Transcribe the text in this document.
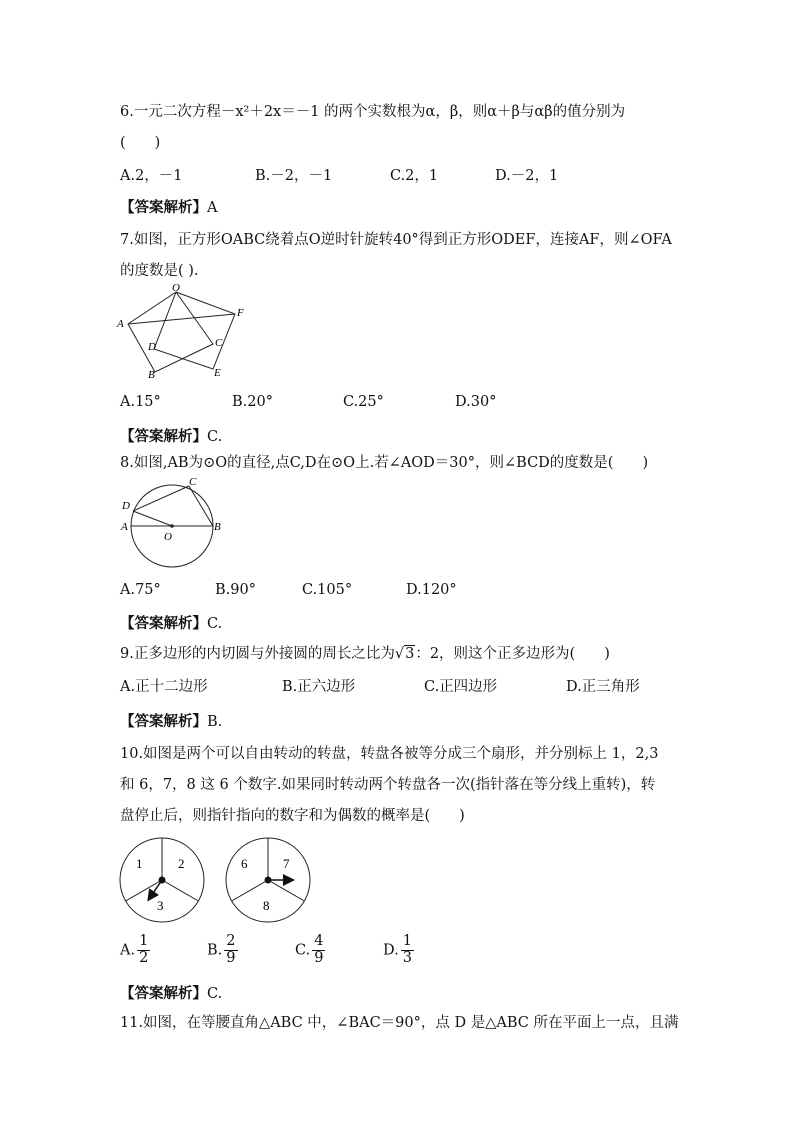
6.一元二次方程－x²＋2x＝－1 的两个实数根为α，β，则α＋β与αβ的值分别为
(　　)
A.2，－1	B.－2，－1	C.2，1	D.－2，1
【答案解析】A
7.如图，正方形OABC绕着点O逆时针旋转40°得到正方形ODEF，连接AF，则∠OFA
的度数是( ).
O
A
F
D	C
B	E
A.15°	B.20°	C.25°	D.30°
【答案解析】C.
8.如图,AB为⊙O的直径,点C,D在⊙O上.若∠AOD＝30°，则∠BCD的度数是(　　)
A	B
C
D
O
A.75°	B.90°	C.105°	D.120°
【答案解析】C.
9.正多边形的内切圆与外接圆的周长之比为√3：2，则这个正多边形为(　　)
A.正十二边形	B.正六边形	C.正四边形	D.正三角形
【答案解析】B.
10.如图是两个可以自由转动的转盘，转盘各被等分成三个扇形，并分别标上 1，2,3
和 6，7，8 这 6 个数字.如果同时转动两个转盘各一次(指针落在等分线上重转)，转
盘停止后，则指针指向的数字和为偶数的概率是(　　)
1	2
3
6	7
8
A. $\frac{1}{2}$	B. $\frac{2}{9}$	C. $\frac{4}{9}$	D. $\frac{1}{3}$
【答案解析】C.
11.如图，在等腰直角△ABC 中，∠BAC＝90°，点 D 是△ABC 所在平面上一点，且满
